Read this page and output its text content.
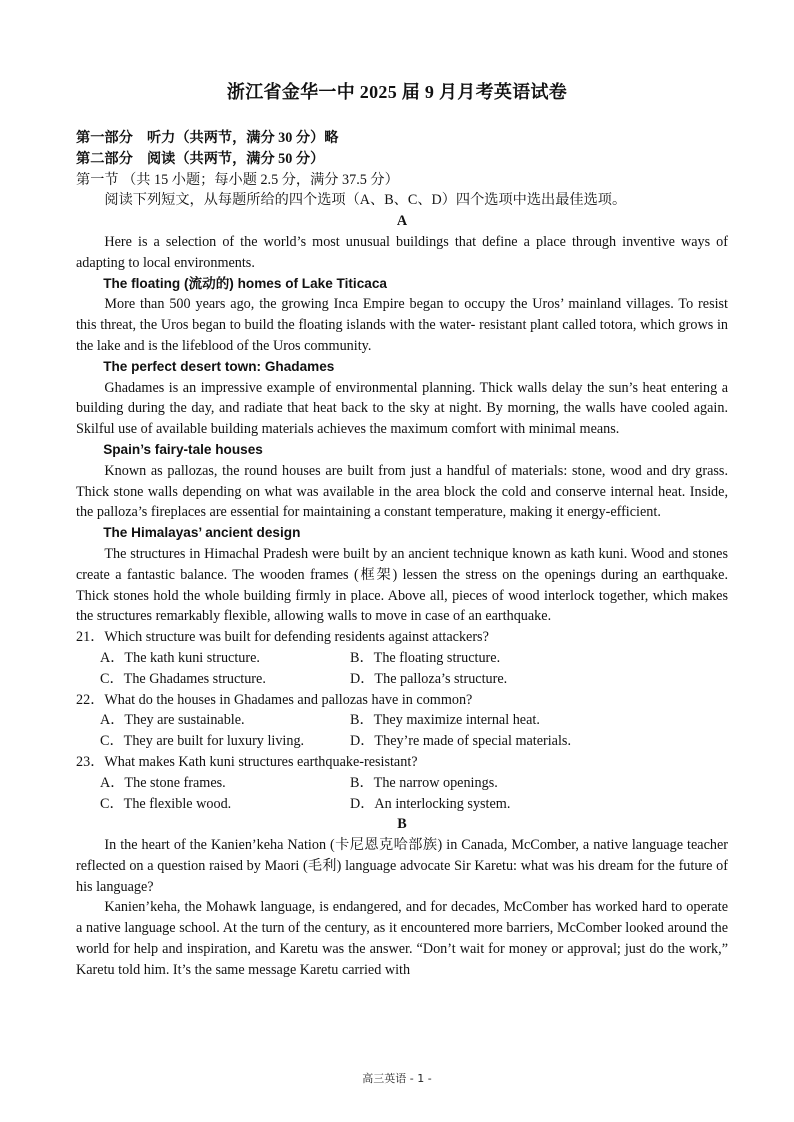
浙江省金华一中 2025 届 9 月月考英语试卷

第一部分　听力（共两节，满分 30 分）略

第二部分　阅读（共两节，满分 50 分）

第一节 （共 15 小题；每小题 2.5 分，满分 37.5 分）

阅读下列短文，从每题所给的四个选项（A、B、C、D）四个选项中选出最佳选项。

A

Here is a selection of the world’s most unusual buildings that define a place through inventive ways of adapting to local environments.

The floating (流动的) homes of Lake Titicaca

More than 500 years ago, the growing Inca Empire began to occupy the Uros’ mainland villages. To resist this threat, the Uros began to build the floating islands with the water- resistant plant called totora, which grows in the lake and is the lifeblood of the Uros community.

The perfect desert town: Ghadames

Ghadames is an impressive example of environmental planning. Thick walls delay the sun’s heat entering a building during the day, and radiate that heat back to the sky at night. By morning, the walls have cooled again. Skilful use of available building materials achieves the maximum comfort with minimal means.

Spain’s fairy-tale houses

Known as pallozas, the round houses are built from just a handful of materials: stone, wood and dry grass. Thick stone walls depending on what was available in the area block the cold and conserve internal heat. Inside, the palloza’s fireplaces are essential for maintaining a constant temperature, making it energy-efficient.

The Himalayas’ ancient design

The structures in Himachal Pradesh were built by an ancient technique known as kath kuni. Wood and stones create a fantastic balance. The wooden frames (框架) lessen the stress on the openings during an earthquake. Thick stones hold the whole building firmly in place. Above all, pieces of wood interlock together, which makes the structures remarkably flexible, allowing walls to move in case of an earthquake.

21．Which structure was built for defending residents against attackers?

A．The kath kuni structure.	B．The floating structure.
C．The Ghadames structure.	D．The palloza’s structure.

22．What do the houses in Ghadames and pallozas have in common?

A．They are sustainable.	B．They maximize internal heat.
C．They are built for luxury living.	D．They’re made of special materials.

23．What makes Kath kuni structures earthquake-resistant?

A．The stone frames.	B．The narrow openings.
C．The flexible wood.	D．An interlocking system.

B

In the heart of the Kanien’keha Nation (卡尼恩克哈部族) in Canada, McComber, a native language teacher reflected on a question raised by Maori (毛利) language advocate Sir Karetu: what was his dream for the future of his language?

Kanien’keha, the Mohawk language, is endangered, and for decades, McComber has worked hard to operate a native language school. At the turn of the century, as it encountered more barriers, McComber looked around the world for help and inspiration, and Karetu was the answer. “Don’t wait for money or approval; just do the work,” Karetu told him. It’s the same message Karetu carried with

高三英语 - 1 -
